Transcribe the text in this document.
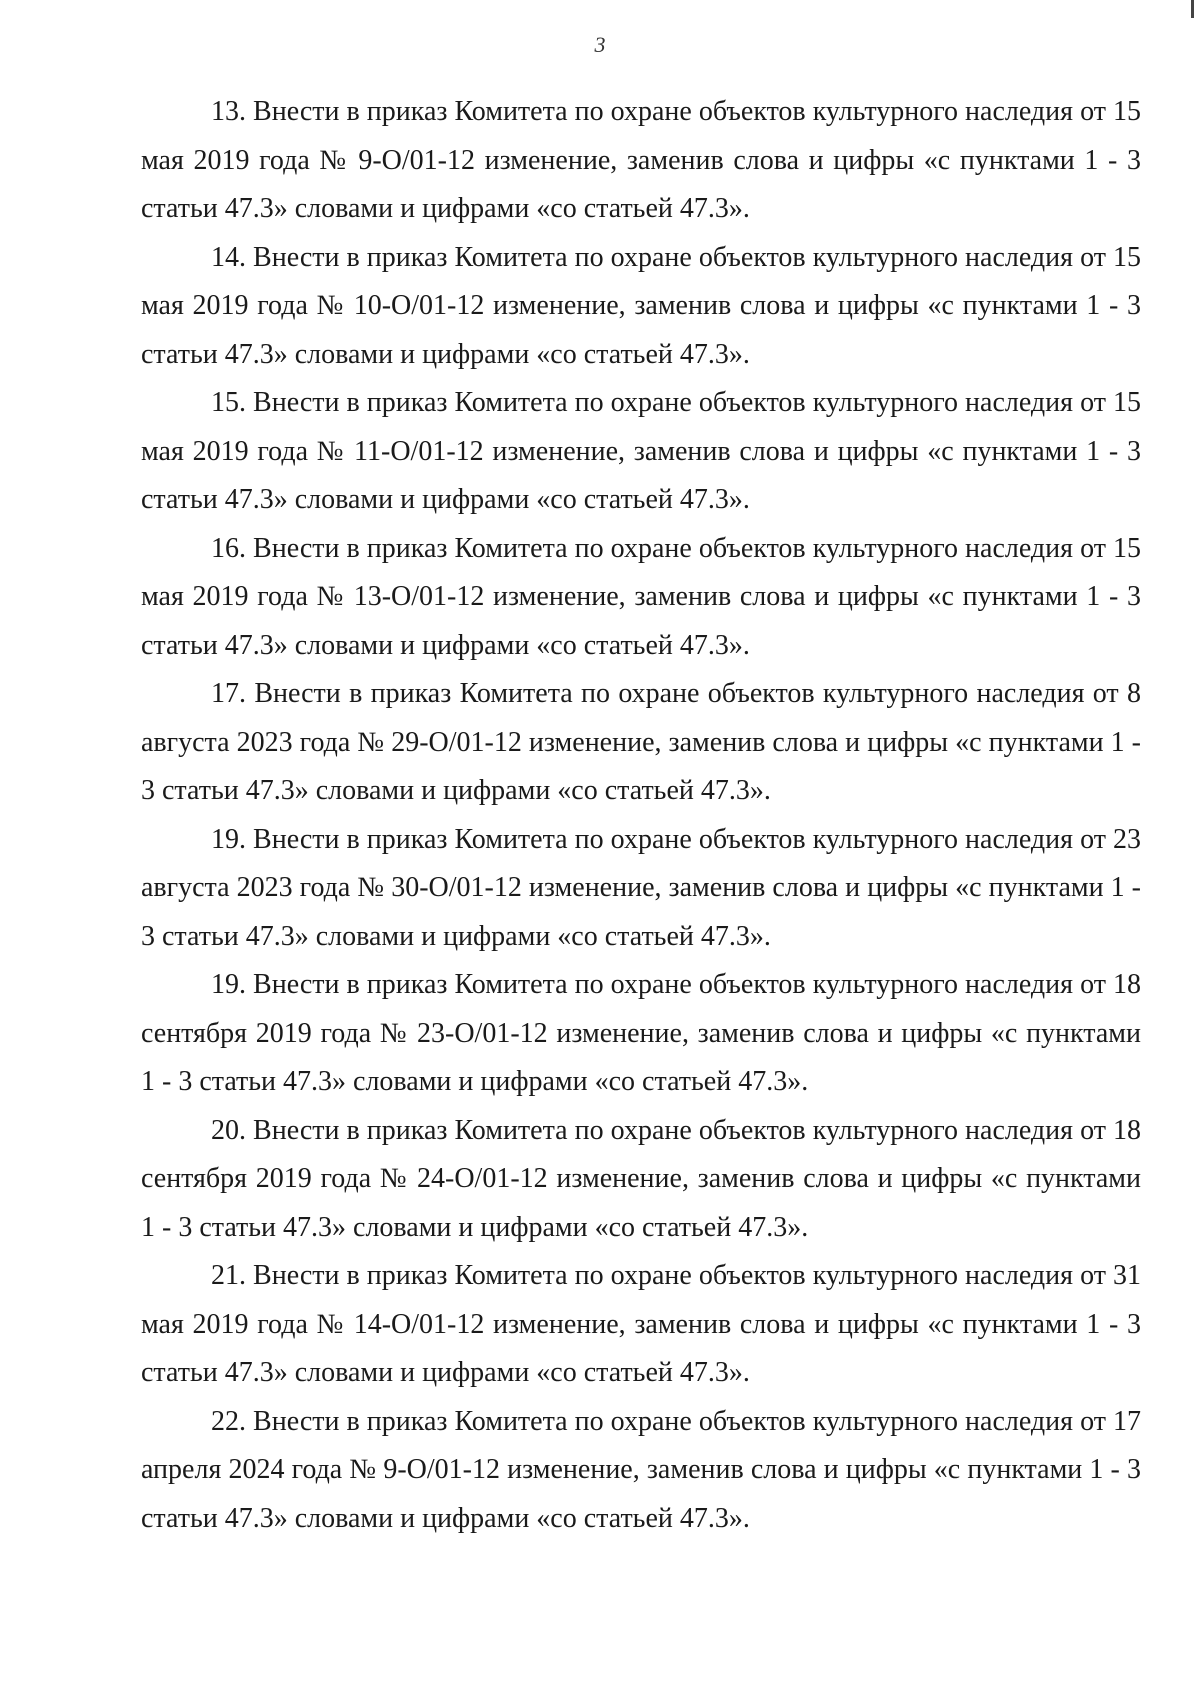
3

13. Внести в приказ Комитета по охране объектов культурного наследия от 15 мая 2019 года № 9-О/01-12 изменение, заменив слова и цифры «с пунктами 1 - 3 статьи 47.3» словами и цифрами «со статьей 47.3».

14. Внести в приказ Комитета по охране объектов культурного наследия от 15 мая 2019 года № 10-О/01-12 изменение, заменив слова и цифры «с пунктами 1 - 3 статьи 47.3» словами и цифрами «со статьей 47.3».

15. Внести в приказ Комитета по охране объектов культурного наследия от 15 мая 2019 года № 11-О/01-12 изменение, заменив слова и цифры «с пунктами 1 - 3 статьи 47.3» словами и цифрами «со статьей 47.3».

16. Внести в приказ Комитета по охране объектов культурного наследия от 15 мая 2019 года № 13-О/01-12 изменение, заменив слова и цифры «с пунктами 1 - 3 статьи 47.3» словами и цифрами «со статьей 47.3».

17. Внести в приказ Комитета по охране объектов культурного наследия от 8 августа 2023 года № 29-О/01-12 изменение, заменив слова и цифры «с пунктами 1 - 3 статьи 47.3» словами и цифрами «со статьей 47.3».

19. Внести в приказ Комитета по охране объектов культурного наследия от 23 августа 2023 года № 30-О/01-12 изменение, заменив слова и цифры «с пунктами 1 - 3 статьи 47.3» словами и цифрами «со статьей 47.3».

19. Внести в приказ Комитета по охране объектов культурного наследия от 18 сентября 2019 года № 23-О/01-12 изменение, заменив слова и цифры «с пунктами 1 - 3 статьи 47.3» словами и цифрами «со статьей 47.3».

20. Внести в приказ Комитета по охране объектов культурного наследия от 18 сентября 2019 года № 24-О/01-12 изменение, заменив слова и цифры «с пунктами 1 - 3 статьи 47.3» словами и цифрами «со статьей 47.3».

21. Внести в приказ Комитета по охране объектов культурного наследия от 31 мая 2019 года № 14-О/01-12 изменение, заменив слова и цифры «с пунктами 1 - 3 статьи 47.3» словами и цифрами «со статьей 47.3».

22. Внести в приказ Комитета по охране объектов культурного наследия от 17 апреля 2024 года № 9-О/01-12 изменение, заменив слова и цифры «с пунктами 1 - 3 статьи 47.3» словами и цифрами «со статьей 47.3».
